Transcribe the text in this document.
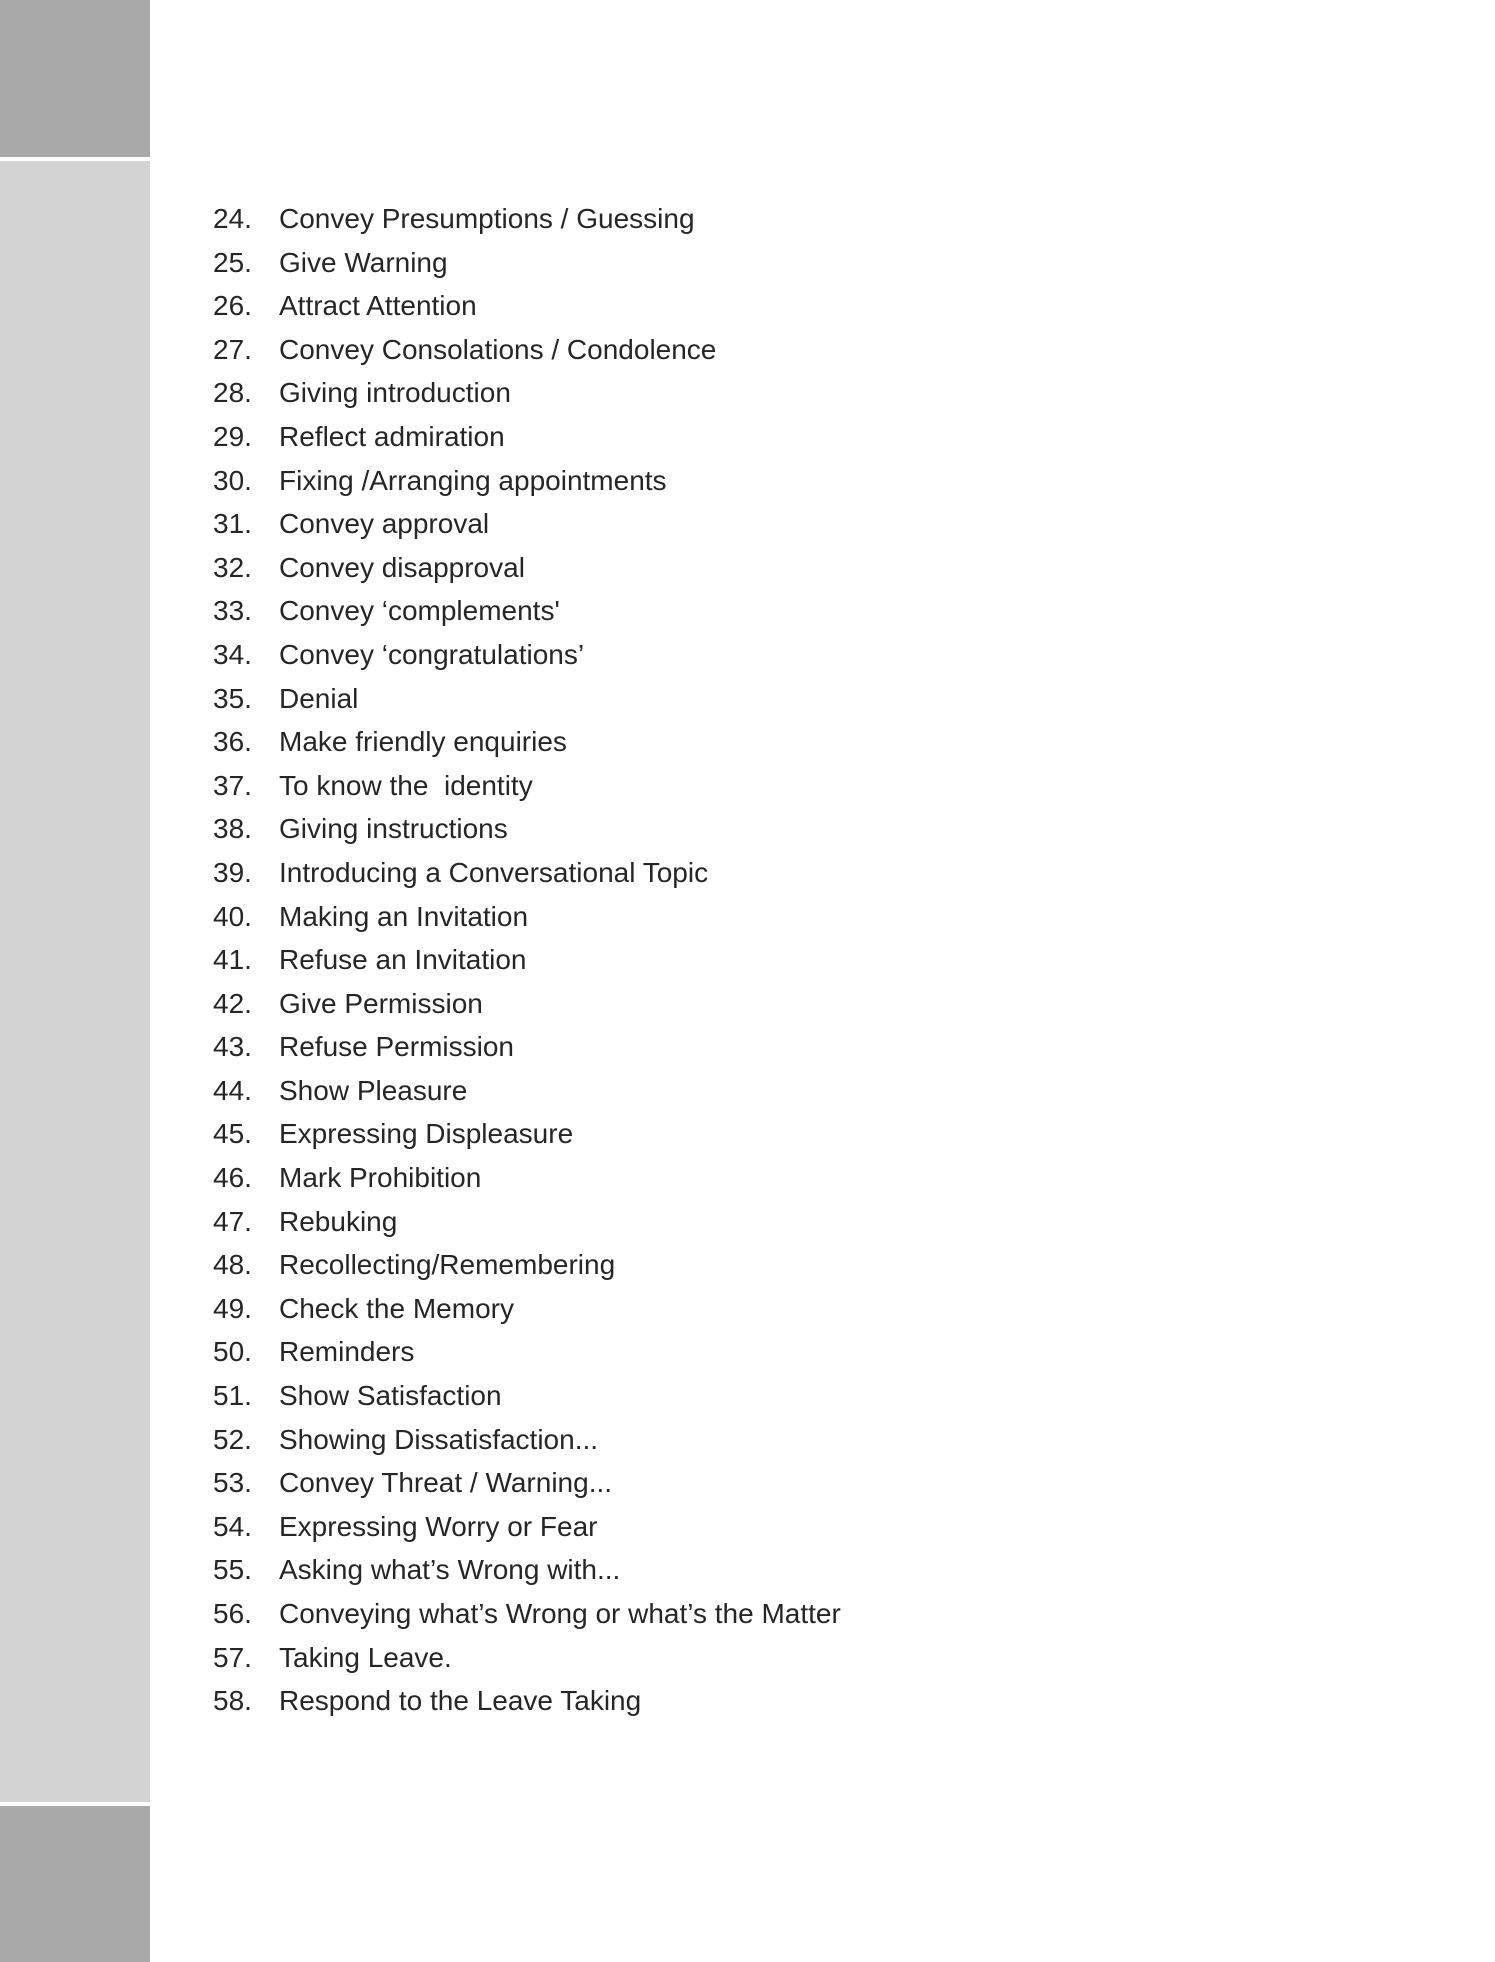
24. Convey Presumptions / Guessing
25. Give Warning
26. Attract Attention
27. Convey Consolations / Condolence
28. Giving introduction
29. Reflect admiration
30. Fixing /Arranging appointments
31. Convey approval
32. Convey disapproval
33. Convey ‘complements'
34. Convey ‘congratulations’
35. Denial
36. Make friendly enquiries
37. To know the  identity
38. Giving instructions
39. Introducing a Conversational Topic
40. Making an Invitation
41. Refuse an Invitation
42. Give Permission
43. Refuse Permission
44. Show Pleasure
45. Expressing Displeasure
46. Mark Prohibition
47. Rebuking
48. Recollecting/Remembering
49. Check the Memory
50. Reminders
51. Show Satisfaction
52. Showing Dissatisfaction...
53. Convey Threat / Warning...
54. Expressing Worry or Fear
55. Asking what’s Wrong with...
56. Conveying what’s Wrong or what’s the Matter
57. Taking Leave.
58. Respond to the Leave Taking
